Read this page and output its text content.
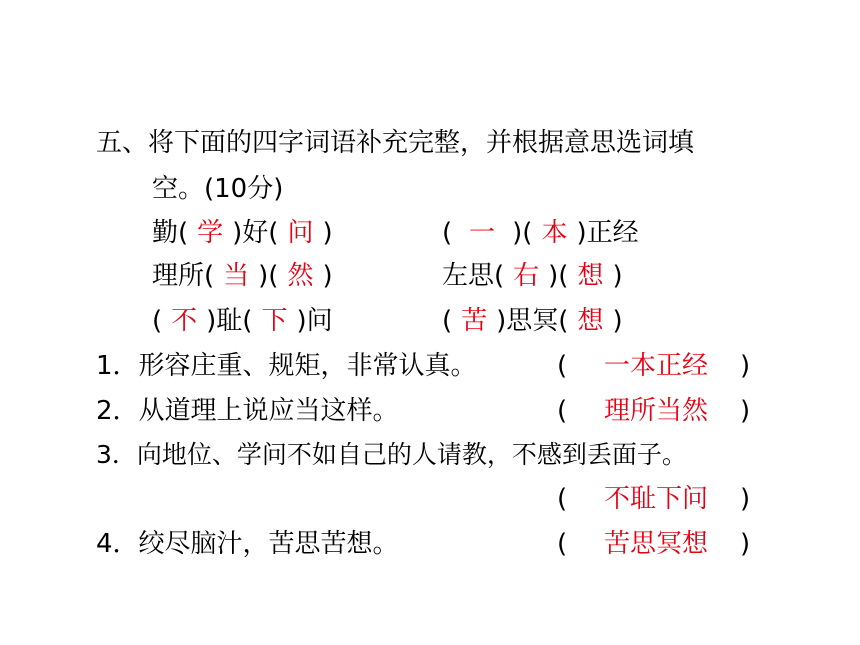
五、将下面的四字词语补充完整，并根据意思选词填
空。(10分)
勤( 学 )好( 问 )	( 一 )( 本 )正经
理所( 当 )( 然 )	左思( 右 )( 想 )
( 不 )耻( 下 )问	( 苦 )思冥( 想 )
1．形容庄重、规矩，非常认真。	( 一本正经 )
2．从道理上说应当这样。	( 理所当然 )
3．向地位、学问不如自己的人请教，不感到丢面子。
( 不耻下问 )
4．绞尽脑汁，苦思苦想。	( 苦思冥想 )
